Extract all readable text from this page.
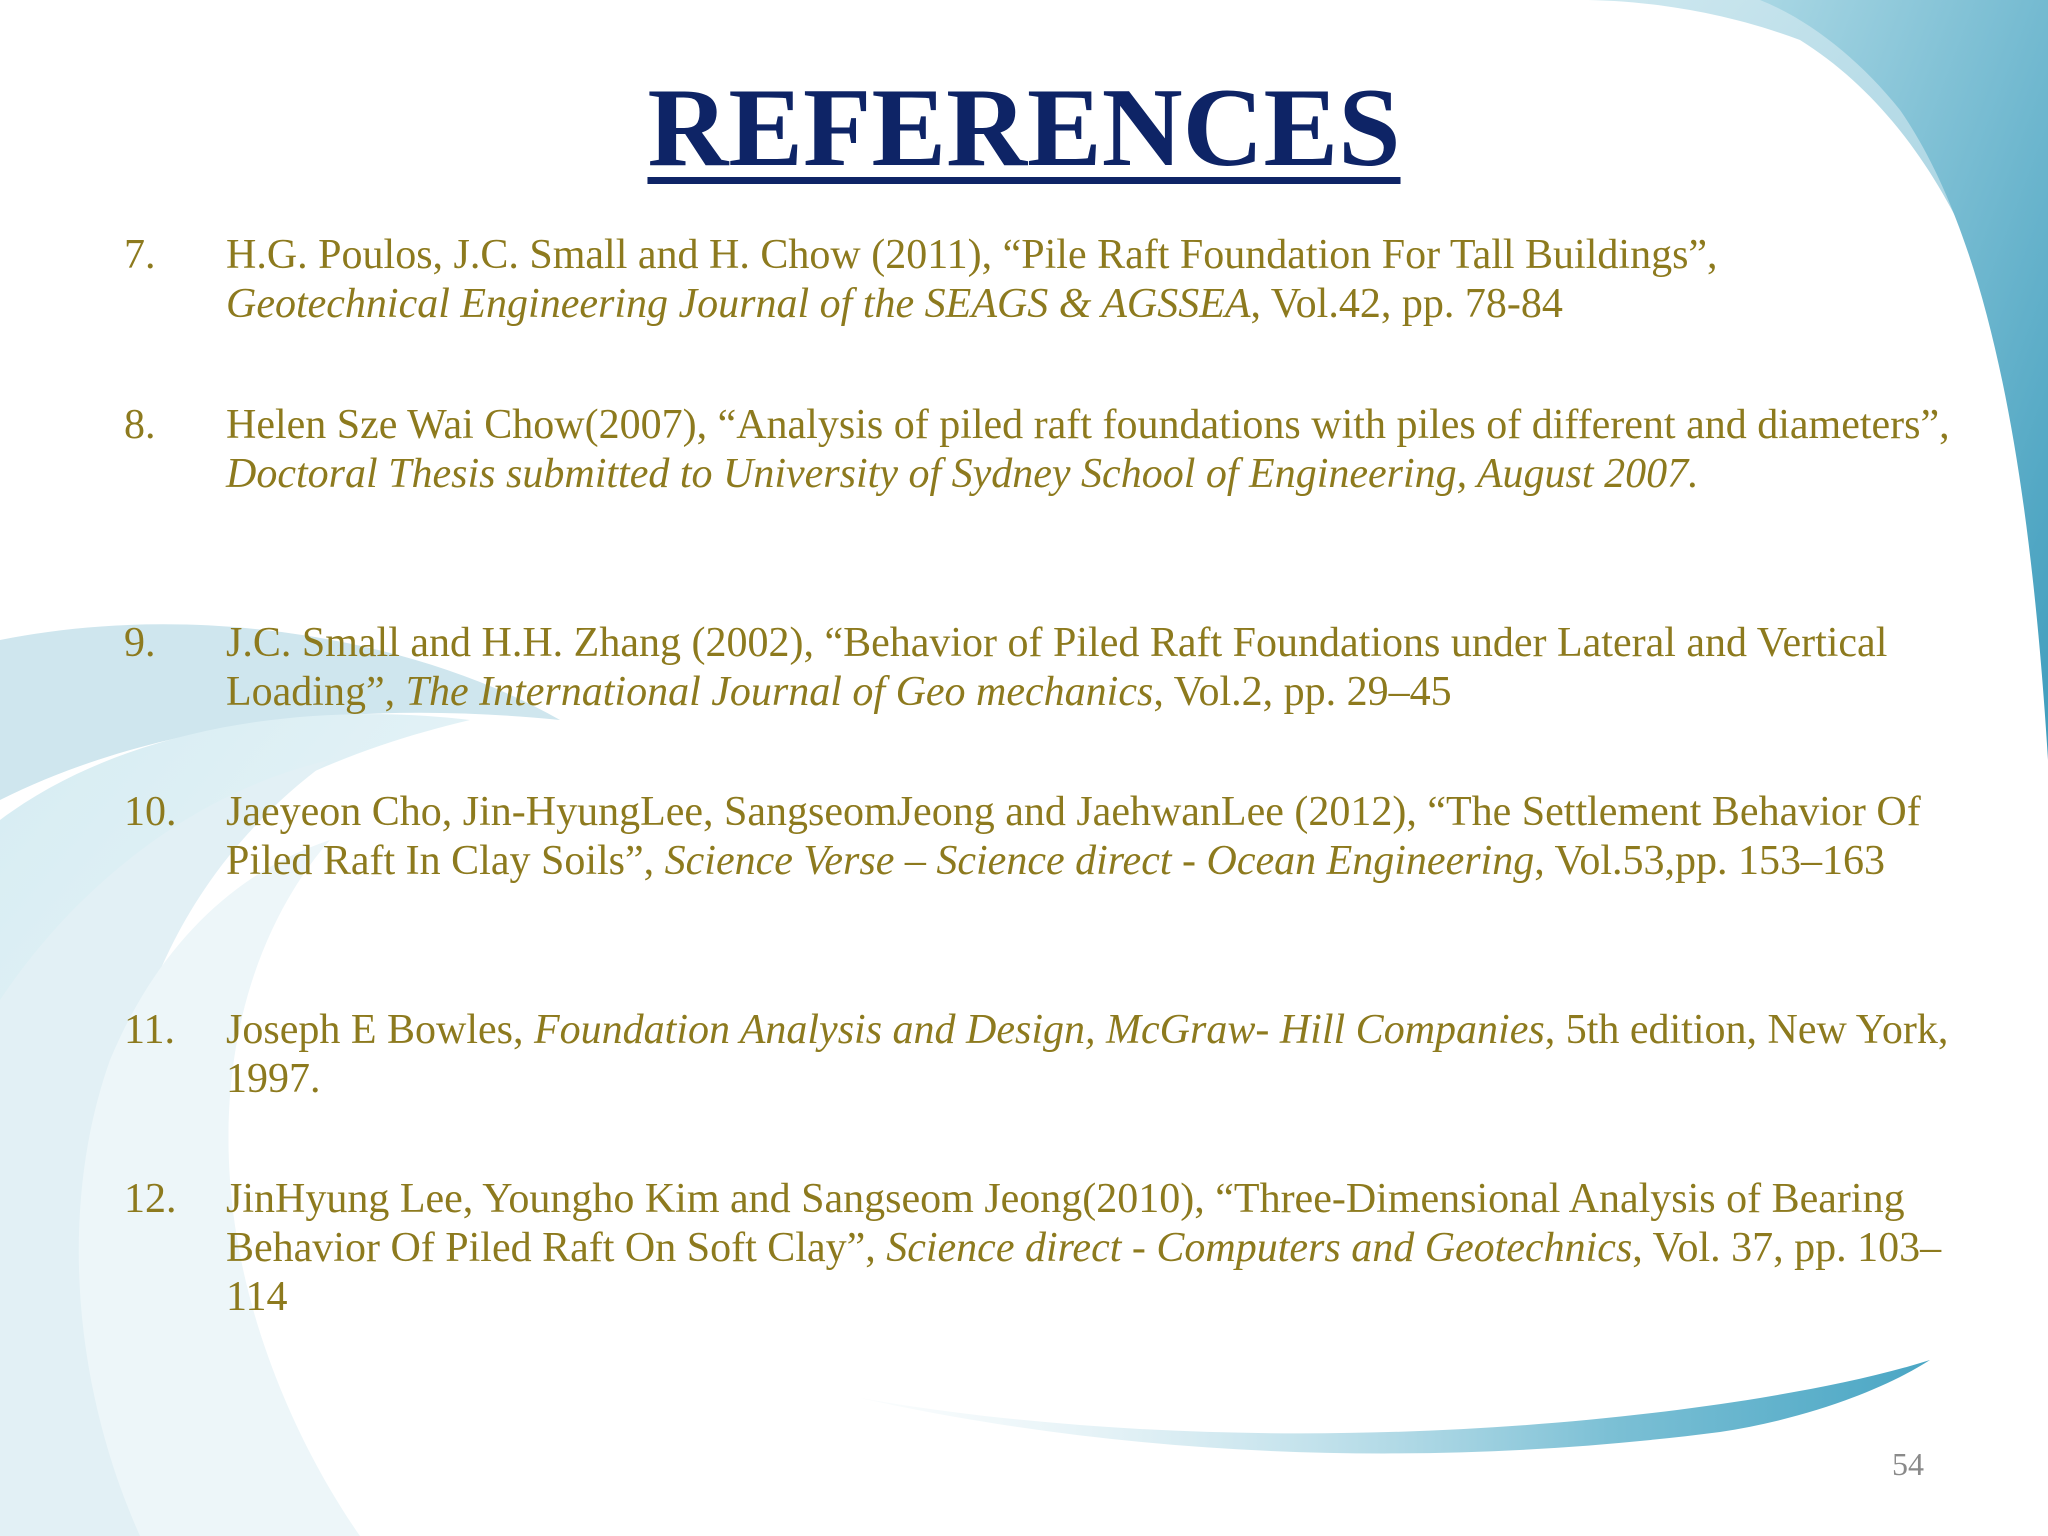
REFERENCES
7. H.G. Poulos, J.C. Small and H. Chow (2011), “Pile Raft Foundation For Tall Buildings”,
Geotechnical Engineering Journal of the SEAGS & AGSSEA, Vol.42, pp. 78-84
8. Helen Sze Wai Chow(2007), “Analysis of piled raft foundations with piles of different and diameters”, Doctoral Thesis submitted to University of Sydney School of Engineering, August 2007.
9. J.C. Small and H.H. Zhang (2002), “Behavior of Piled Raft Foundations under Lateral and Vertical Loading”, The International Journal of Geo mechanics, Vol.2, pp. 29–45
10. Jaeyeon Cho, Jin-HyungLee, SangseomJeong and JaehwanLee (2012), “The Settlement Behavior Of Piled Raft In Clay Soils”, Science Verse – Science direct - Ocean Engineering, Vol.53,pp. 153–163
11. Joseph E Bowles, Foundation Analysis and Design, McGraw- Hill Companies, 5th edition, New York, 1997.
12. JinHyung Lee, Youngho Kim and Sangseom Jeong(2010), “Three-Dimensional Analysis of Bearing Behavior Of Piled Raft On Soft Clay”, Science direct - Computers and Geotechnics, Vol. 37, pp. 103–114
54
